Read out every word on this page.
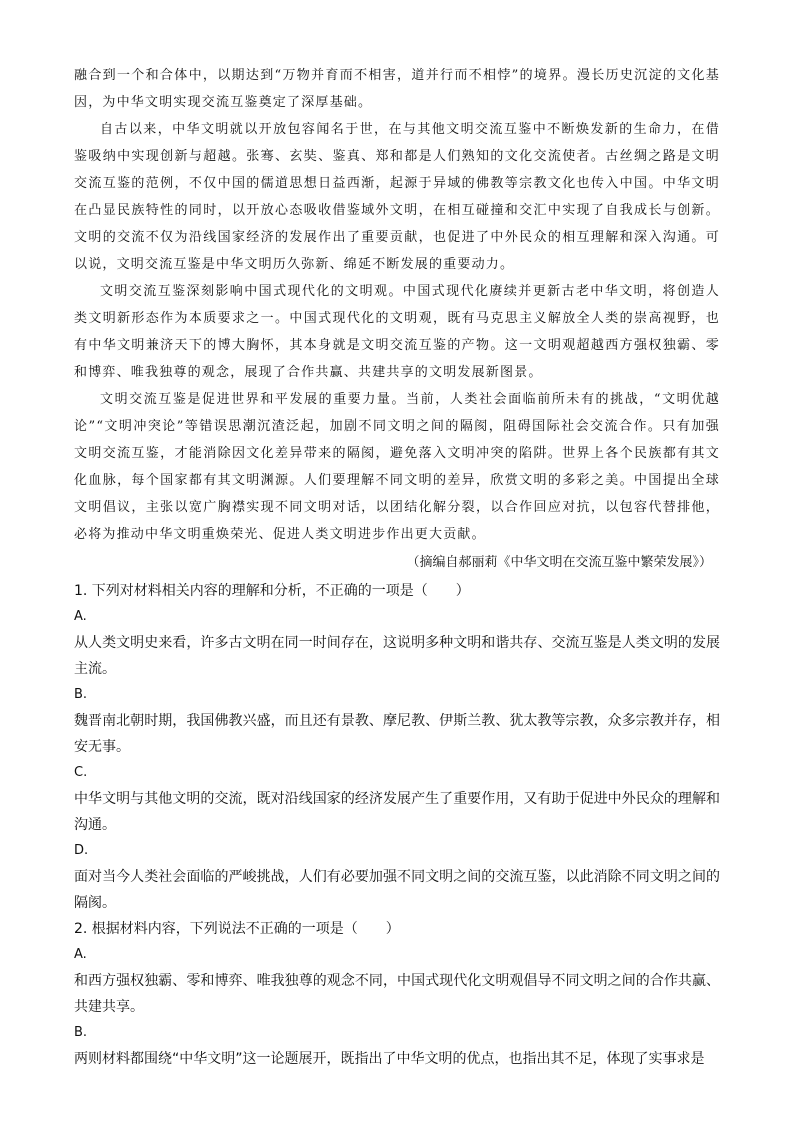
融合到一个和合体中，以期达到“万物并育而不相害，道并行而不相悖”的境界。漫长历史沉淀的文化基因，为中华文明实现交流互鉴奠定了深厚基础。

自古以来，中华文明就以开放包容闻名于世，在与其他文明交流互鉴中不断焕发新的生命力，在借鉴吸纳中实现创新与超越。张骞、玄奘、鉴真、郑和都是人们熟知的文化交流使者。古丝绸之路是文明交流互鉴的范例，不仅中国的儒道思想日益西渐，起源于异域的佛教等宗教文化也传入中国。中华文明在凸显民族特性的同时，以开放心态吸收借鉴域外文明，在相互碰撞和交汇中实现了自我成长与创新。文明的交流不仅为沿线国家经济的发展作出了重要贡献，也促进了中外民众的相互理解和深入沟通。可以说，文明交流互鉴是中华文明历久弥新、绵延不断发展的重要动力。

文明交流互鉴深刻影响中国式现代化的文明观。中国式现代化赓续并更新古老中华文明，将创造人类文明新形态作为本质要求之一。中国式现代化的文明观，既有马克思主义解放全人类的崇高视野，也有中华文明兼济天下的博大胸怀，其本身就是文明交流互鉴的产物。这一文明观超越西方强权独霸、零和博弈、唯我独尊的观念，展现了合作共赢、共建共享的文明发展新图景。

文明交流互鉴是促进世界和平发展的重要力量。当前，人类社会面临前所未有的挑战，“文明优越论”“文明冲突论”等错误思潮沉渣泛起，加剧不同文明之间的隔阂，阻碍国际社会交流合作。只有加强文明交流互鉴，才能消除因文化差异带来的隔阂，避免落入文明冲突的陷阱。世界上各个民族都有其文化血脉，每个国家都有其文明渊源。人们要理解不同文明的差异，欣赏文明的多彩之美。中国提出全球文明倡议，主张以宽广胸襟实现不同文明对话，以团结化解分裂，以合作回应对抗，以包容代替排他，必将为推动中华文明重焕荣光、促进人类文明进步作出更大贡献。

（摘编自郝丽莉《中华文明在交流互鉴中繁荣发展》）

1. 下列对材料相关内容的理解和分析，不正确的一项是（　　）

A.

从人类文明史来看，许多古文明在同一时间存在，这说明多种文明和谐共存、交流互鉴是人类文明的发展主流。

B.

魏晋南北朝时期，我国佛教兴盛，而且还有景教、摩尼教、伊斯兰教、犹太教等宗教，众多宗教并存，相安无事。

C.

中华文明与其他文明的交流，既对沿线国家的经济发展产生了重要作用，又有助于促进中外民众的理解和沟通。

D.

面对当今人类社会面临的严峻挑战，人们有必要加强不同文明之间的交流互鉴，以此消除不同文明之间的隔阂。

2. 根据材料内容，下列说法不正确的一项是（　　）

A.

和西方强权独霸、零和博弈、唯我独尊的观念不同，中国式现代化文明观倡导不同文明之间的合作共赢、共建共享。

B.

两则材料都围绕“中华文明”这一论题展开，既指出了中华文明的优点，也指出其不足，体现了实事求是
